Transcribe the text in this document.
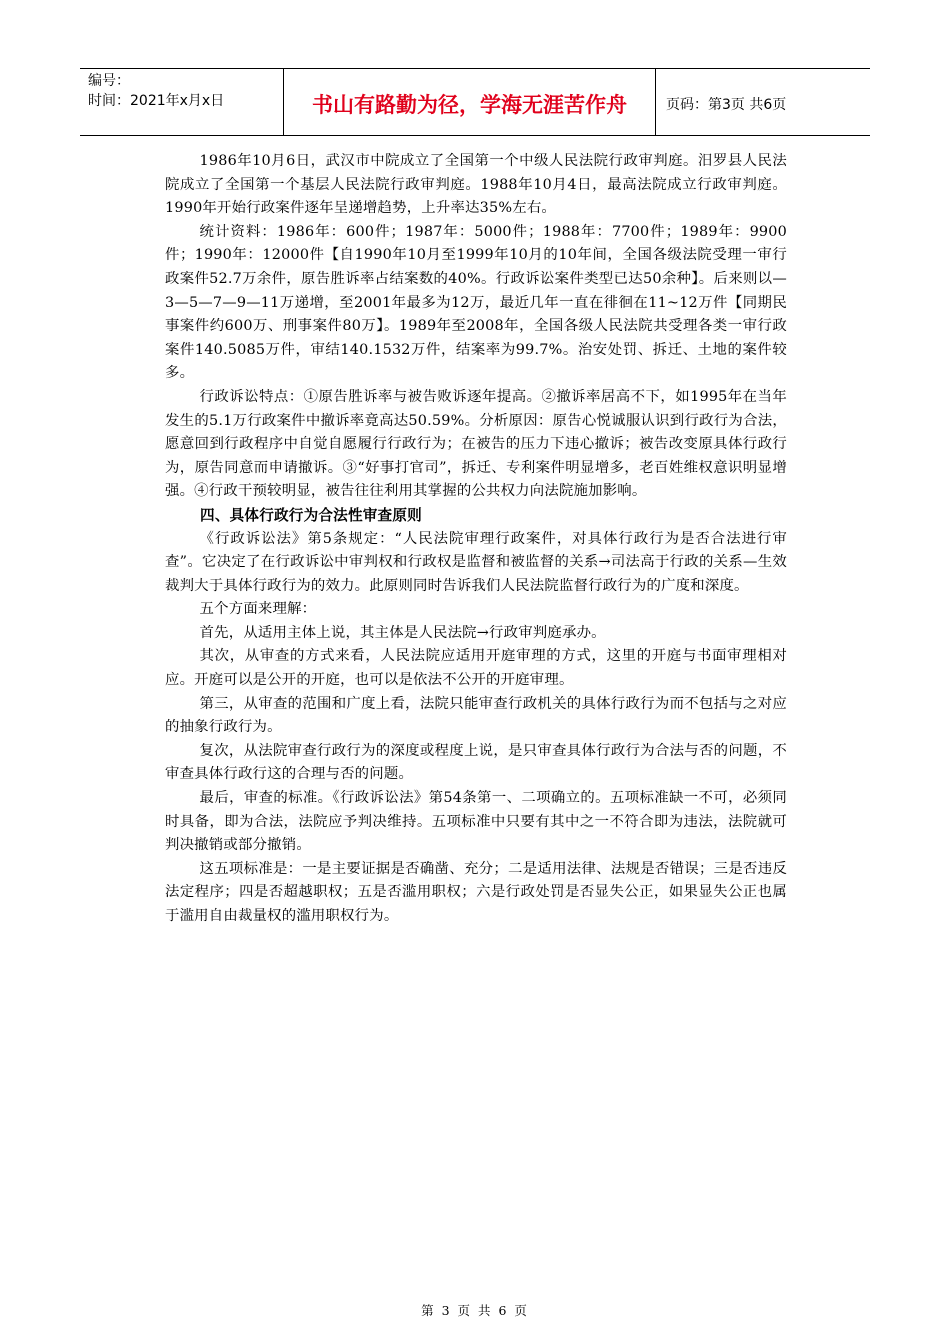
编号：
时间：2021年x月x日	书山有路勤为径，学海无涯苦作舟	页码：第3页 共6页

1986年10月6日，武汉市中院成立了全国第一个中级人民法院行政审判庭。汨罗县人民法院成立了全国第一个基层人民法院行政审判庭。1988年10月4日，最高法院成立行政审判庭。1990年开始行政案件逐年呈递增趋势，上升率达35%左右。

统计资料：1986年：600件；1987年：5000件；1988年：7700件；1989年：9900件；1990年：12000件【自1990年10月至1999年10月的10年间，全国各级法院受理一审行政案件52.7万余件，原告胜诉率占结案数的40%。行政诉讼案件类型已达50余种】。后来则以—3—5—7—9—11万递增，至2001年最多为12万，最近几年一直在徘徊在11~12万件【同期民事案件约600万、刑事案件80万】。1989年至2008年，全国各级人民法院共受理各类一审行政案件140.5085万件，审结140.1532万件，结案率为99.7%。治安处罚、拆迁、土地的案件较多。

行政诉讼特点：①原告胜诉率与被告败诉逐年提高。②撤诉率居高不下，如1995年在当年发生的5.1万行政案件中撤诉率竟高达50.59%。分析原因：原告心悦诚服认识到行政行为合法，愿意回到行政程序中自觉自愿履行行政行为；在被告的压力下违心撤诉；被告改变原具体行政行为，原告同意而申请撤诉。③“好事打官司”，拆迁、专利案件明显增多，老百姓维权意识明显增强。④行政干预较明显，被告往往利用其掌握的公共权力向法院施加影响。

四、具体行政行为合法性审查原则

《行政诉讼法》第5条规定：“人民法院审理行政案件，对具体行政行为是否合法进行审查”。它决定了在行政诉讼中审判权和行政权是监督和被监督的关系→司法高于行政的关系—生效裁判大于具体行政行为的效力。此原则同时告诉我们人民法院监督行政行为的广度和深度。

五个方面来理解：

首先，从适用主体上说，其主体是人民法院→行政审判庭承办。

其次，从审查的方式来看，人民法院应适用开庭审理的方式，这里的开庭与书面审理相对应。开庭可以是公开的开庭，也可以是依法不公开的开庭审理。

第三，从审查的范围和广度上看，法院只能审查行政机关的具体行政行为而不包括与之对应的抽象行政行为。

复次，从法院审查行政行为的深度或程度上说，是只审查具体行政行为合法与否的问题，不审查具体行政行这的合理与否的问题。

最后，审查的标准。《行政诉讼法》第54条第一、二项确立的。五项标准缺一不可，必须同时具备，即为合法，法院应予判决维持。五项标准中只要有其中之一不符合即为违法，法院就可判决撤销或部分撤销。

这五项标准是：一是主要证据是否确凿、充分；二是适用法律、法规是否错误；三是否违反法定程序；四是否超越职权；五是否滥用职权；六是行政处罚是否显失公正，如果显失公正也属于滥用自由裁量权的滥用职权行为。

第 3 页 共 6 页
